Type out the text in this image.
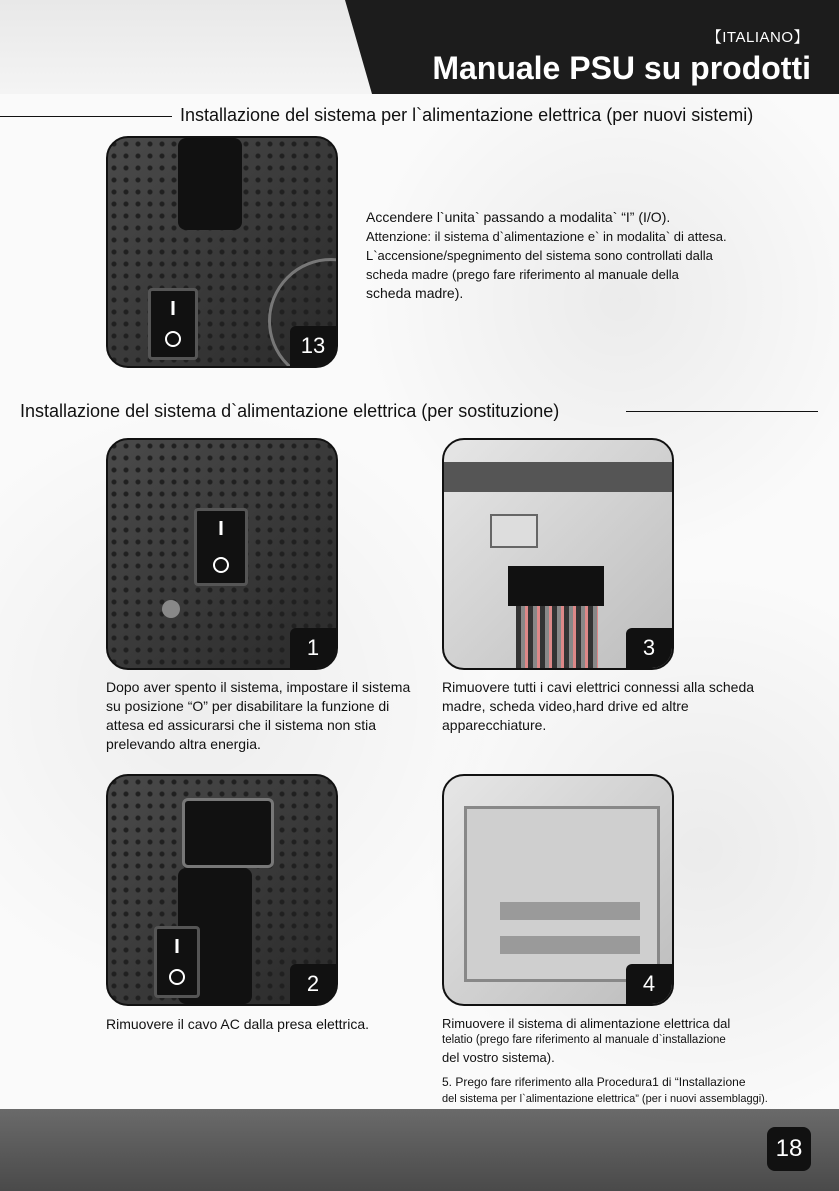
【ITALIANO】
Manuale PSU su prodotti
Installazione del sistema per l`alimentazione elettrica (per nuovi sistemi)
13
Accendere l`unita` passando a modalita` “I” (I/O).
Attenzione: il sistema d`alimentazione e` in modalita` di attesa.
L`accensione/spegnimento del sistema sono controllati dalla
scheda madre (prego fare riferimento al manuale della
scheda madre).
Installazione del sistema d`alimentazione elettrica (per sostituzione)
1	3
Dopo aver spento il sistema, impostare il sistema su posizione “O” per disabilitare la funzione di attesa ed assicurarsi che il sistema non stia prelevando altra energia.
Rimuovere tutti i cavi elettrici connessi alla scheda madre, scheda video,hard drive ed altre apparecchiature.
2	4
Rimuovere il cavo AC dalla presa elettrica.	Rimuovere il sistema di alimentazione elettrica dal
telatio (prego fare riferimento al manuale d`installazione
del vostro sistema).
5. Prego fare riferimento alla Procedura1 di “Installazione
del sistema per l`alimentazione elettrica” (per i nuovi assemblaggi).
18
